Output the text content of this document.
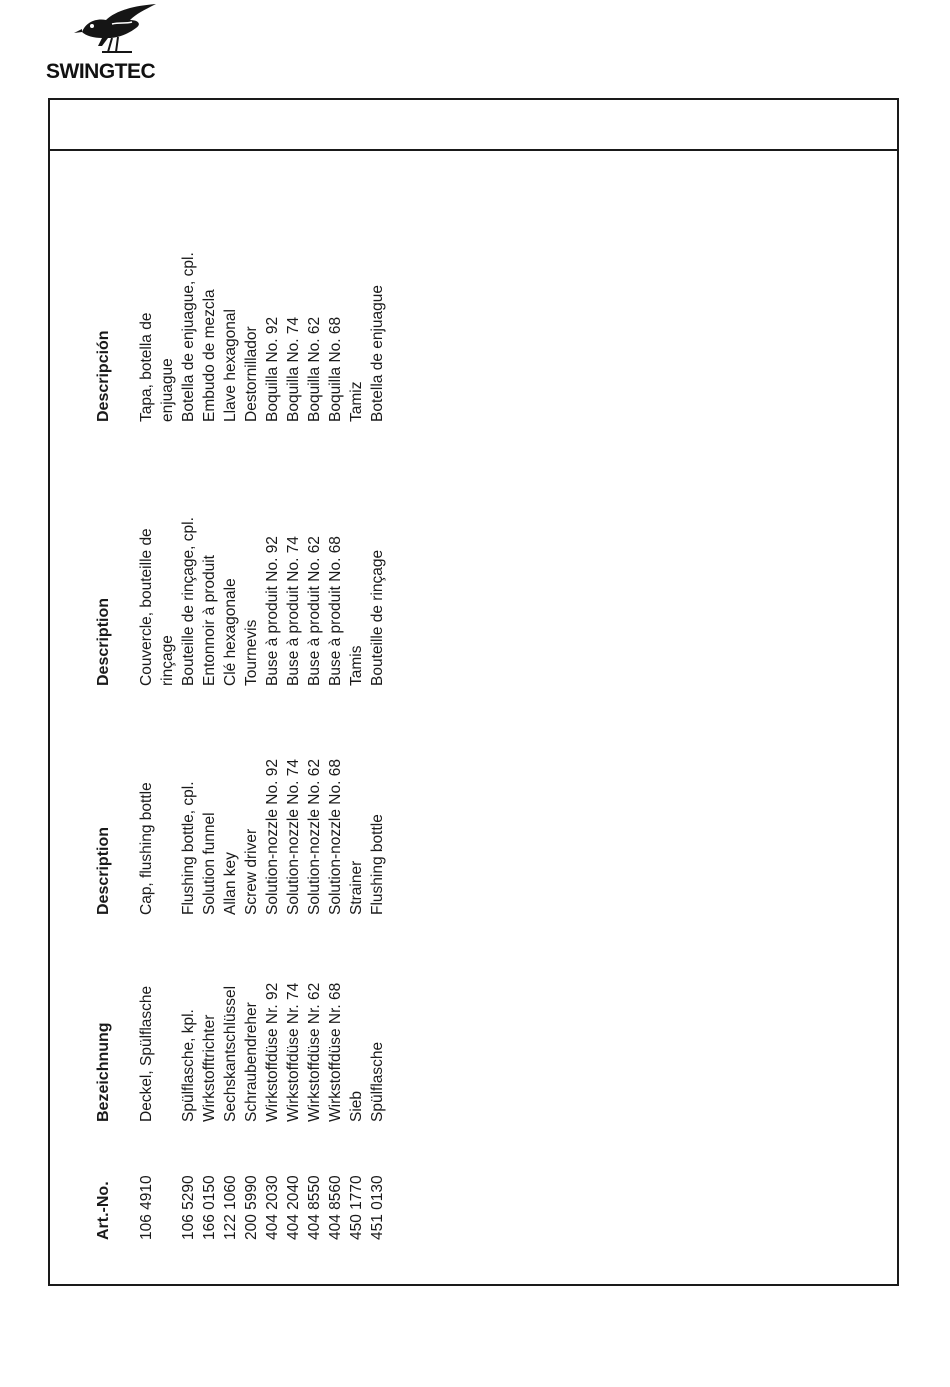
SWINGTEC
Art.-No.
Bezeichnung
Description
Description
Descripción
106 4910
Deckel, Spülflasche
Cap, flushing bottle
Couvercle, bouteille de rinçage
Tapa, botella de enjuague
106 5290
Spülflasche, kpl.
Flushing bottle, cpl.
Bouteille de rinçage, cpl.
Botella de enjuague, cpl.
166 0150
Wirkstofftrichter
Solution funnel
Entonnoir à produit
Embudo de mezcla
122 1060
Sechskantschlüssel
Allan key
Clé hexagonale
Llave hexagonal
200 5990
Schraubendreher
Screw driver
Tournevis
Destornillador
404 2030
Wirkstoffdüse Nr. 92
Solution-nozzle No. 92
Buse à produit No. 92
Boquilla No. 92
404 2040
Wirkstoffdüse Nr. 74
Solution-nozzle No. 74
Buse à produit No. 74
Boquilla No. 74
404 8550
Wirkstoffdüse Nr. 62
Solution-nozzle No. 62
Buse à produit No. 62
Boquilla No. 62
404 8560
Wirkstoffdüse Nr. 68
Solution-nozzle No. 68
Buse à produit No. 68
Boquilla No. 68
450 1770
Sieb
Strainer
Tamis
Tamiz
451 0130
Spülflasche
Flushing bottle
Bouteille de rinçage
Botella de enjuague
